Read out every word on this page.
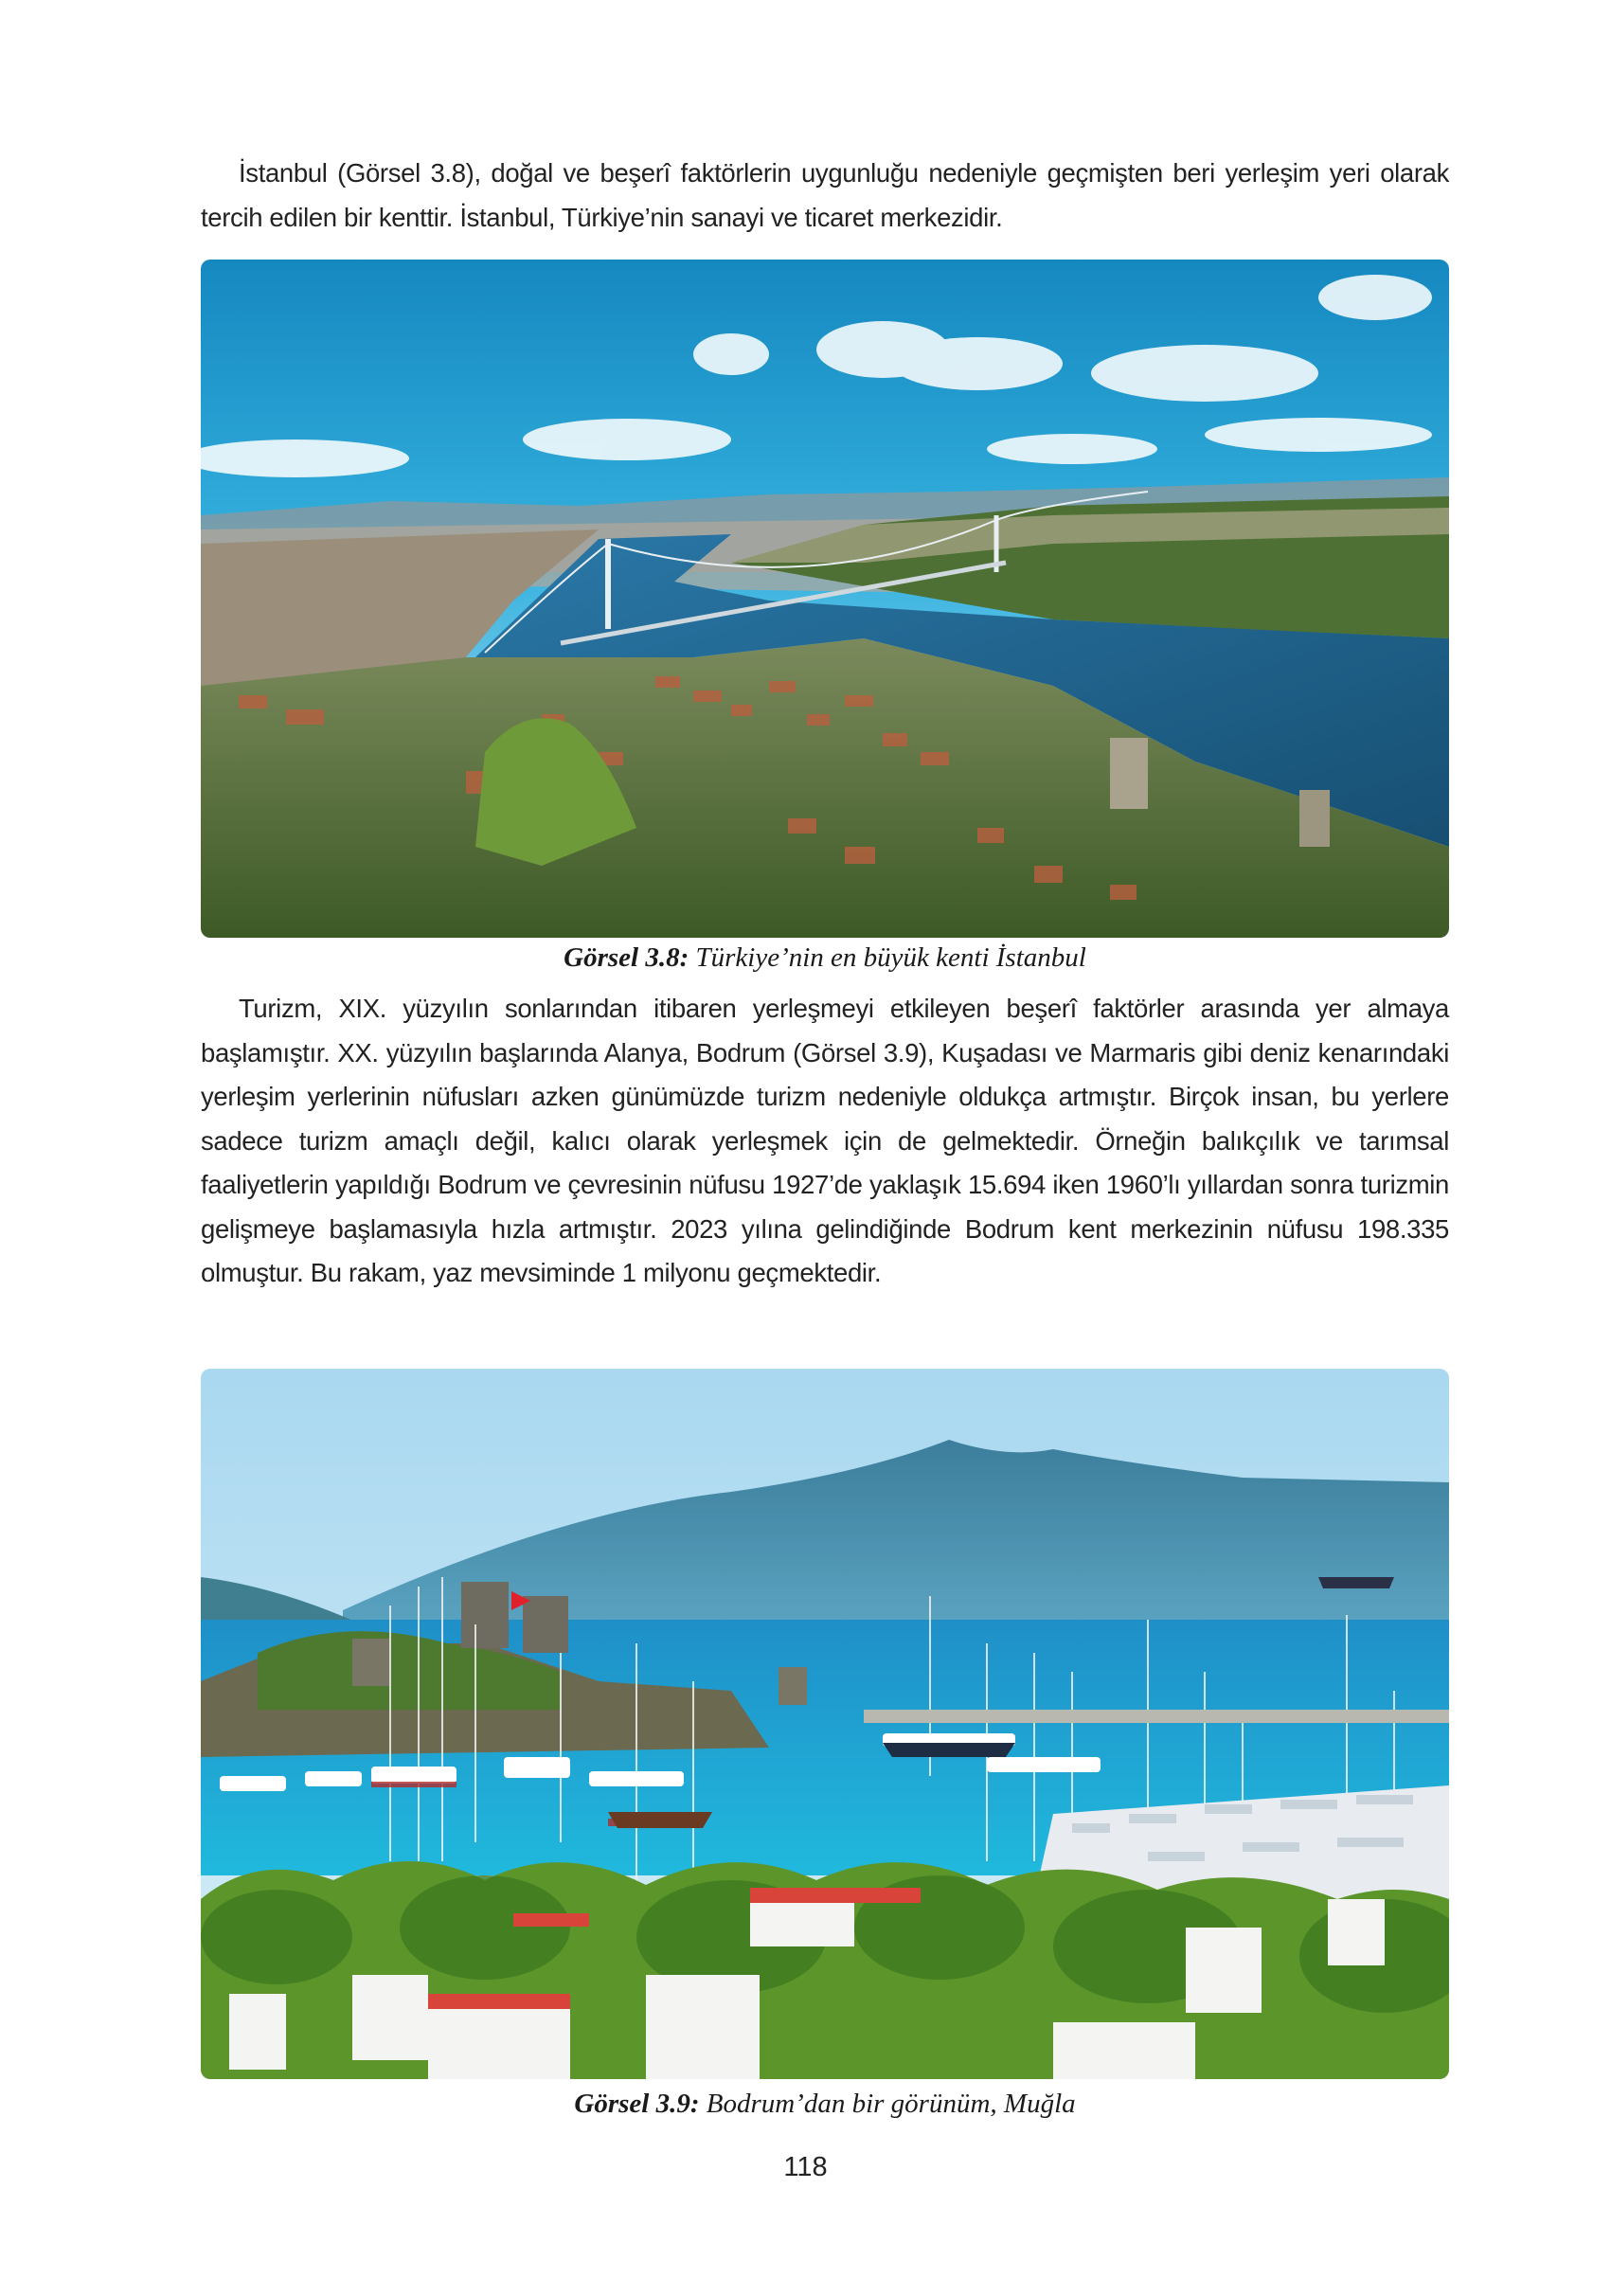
İstanbul (Görsel 3.8), doğal ve beşerî faktörlerin uygunluğu nedeniyle geçmişten beri yerleşim yeri olarak tercih edilen bir kenttir. İstanbul, Türkiye’nin sanayi ve ticaret merkezidir.
Görsel 3.8: Türkiye’nin en büyük kenti İstanbul
Turizm, XIX. yüzyılın sonlarından itibaren yerleşmeyi etkileyen beşerî faktörler arasında yer almaya başlamıştır. XX. yüzyılın başlarında Alanya, Bodrum (Görsel 3.9), Kuşadası ve Marmaris gibi deniz kenarındaki yerleşim yerlerinin nüfusları azken günümüzde turizm nedeniyle oldukça artmıştır. Birçok insan, bu yerlere sadece turizm amaçlı değil, kalıcı olarak yerleşmek için de gelmektedir. Örneğin balıkçılık ve tarımsal faaliyetlerin yapıldığı Bodrum ve çevresinin nüfusu 1927’de yaklaşık 15.694 iken 1960’lı yıllardan sonra turizmin gelişmeye başlamasıyla hızla artmıştır. 2023 yılına gelindiğinde Bodrum kent merkezinin nüfusu 198.335 olmuştur. Bu rakam, yaz mevsiminde 1 milyonu geçmektedir.
Görsel 3.9: Bodrum’dan bir görünüm, Muğla
118
